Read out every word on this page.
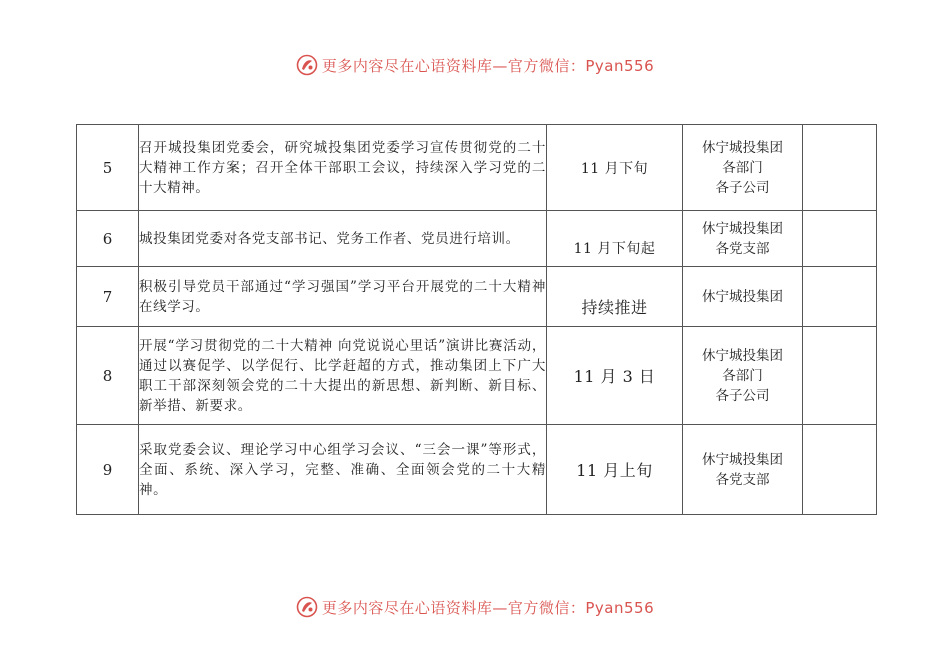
更多内容尽在心语资料库—官方微信：Pyan556
5	召开城投集团党委会，研究城投集团党委学习宣传贯彻党的二十大精神工作方案；召开全体干部职工会议，持续深入学习党的二十大精神。	11 月下旬	休宁城投集团
各部门
各子公司	

6	城投集团党委对各党支部书记、党务工作者、党员进行培训。	11 月下旬起	休宁城投集团
各党支部	

7	积极引导党员干部通过“学习强国”学习平台开展党的二十大精神在线学习。	持续推进	休宁城投集团	

8	开展“学习贯彻党的二十大精神 向党说说心里话”演讲比赛活动，通过以赛促学、以学促行、比学赶超的方式，推动集团上下广大职工干部深刻领会党的二十大提出的新思想、新判断、新目标、新举措、新要求。	11 月 3 日	休宁城投集团
各部门
各子公司	

9	采取党委会议、理论学习中心组学习会议、“三会一课”等形式，全面、系统、深入学习，完整、准确、全面领会党的二十大精神。	11 月上旬	休宁城投集团
各党支部	

更多内容尽在心语资料库—官方微信：Pyan556
